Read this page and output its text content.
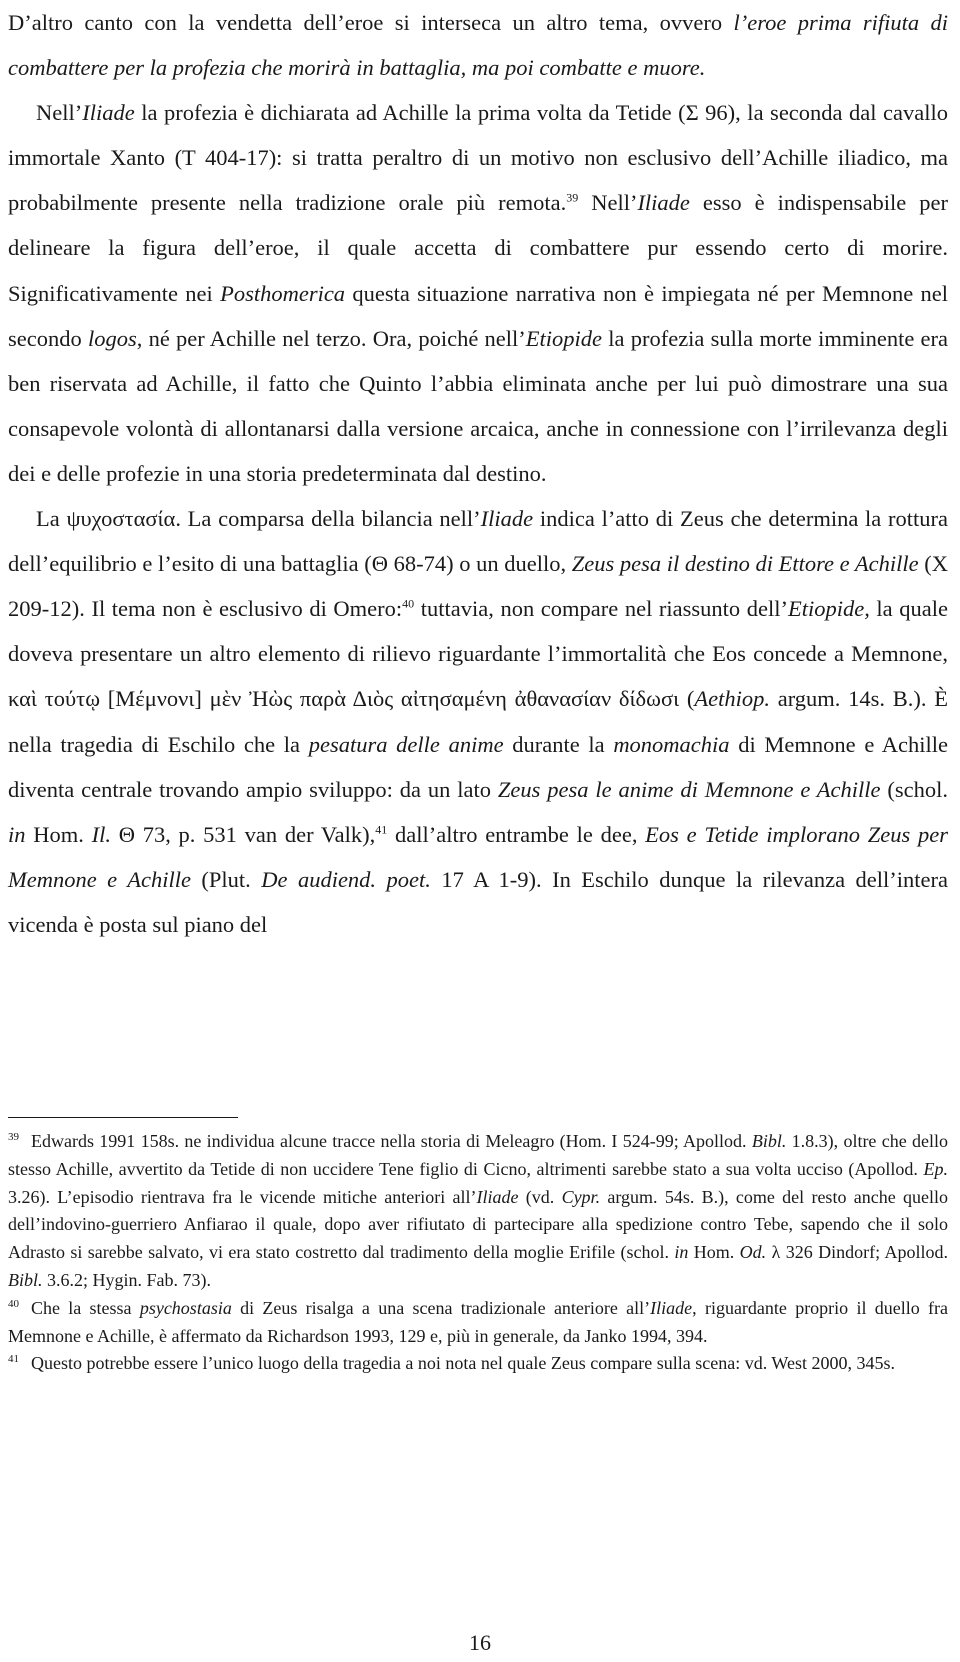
D’altro canto con la vendetta dell’eroe si interseca un altro tema, ovvero l’eroe prima rifiuta di combattere per la profezia che morirà in battaglia, ma poi combatte e muore.

Nell’Iliade la profezia è dichiarata ad Achille la prima volta da Tetide (Σ 96), la seconda dal cavallo immortale Xanto (T 404-17): si tratta peraltro di un motivo non esclusivo dell’Achille iliadico, ma probabilmente presente nella tradizione orale più remota.$^{39}$ Nell’Iliade esso è indispensabile per delineare la figura dell’eroe, il quale accetta di combattere pur essendo certo di morire. Significativamente nei Posthomerica questa situazione narrativa non è impiegata né per Memnone nel secondo logos, né per Achille nel terzo. Ora, poiché nell’Etiopide la profezia sulla morte imminente era ben riservata ad Achille, il fatto che Quinto l’abbia eliminata anche per lui può dimostrare una sua consapevole volontà di allontanarsi dalla versione arcaica, anche in connessione con l’irrilevanza degli dei e delle profezie in una storia predeterminata dal destino.

La ψυχοστασία. La comparsa della bilancia nell’Iliade indica l’atto di Zeus che determina la rottura dell’equilibrio e l’esito di una battaglia (Θ 68-74) o un duello, Zeus pesa il destino di Ettore e Achille (X 209-12). Il tema non è esclusivo di Omero:$^{40}$ tuttavia, non compare nel riassunto dell’Etiopide, la quale doveva presentare un altro elemento di rilievo riguardante l’immortalità che Eos concede a Memnone, καὶ τούτῳ [Μέμνονι] μὲν Ἠὼς παρὰ Διὸς αἰτησαμένη ἀθανασίαν δίδωσι (Aethiop. argum. 14s. B.). È nella tragedia di Eschilo che la pesatura delle anime durante la monomachia di Memnone e Achille diventa centrale trovando ampio sviluppo: da un lato Zeus pesa le anime di Memnone e Achille (schol. in Hom. Il. Θ 73, p. 531 van der Valk),$^{41}$ dall’altro entrambe le dee, Eos e Tetide implorano Zeus per Memnone e Achille (Plut. De audiend. poet. 17 A 1-9). In Eschilo dunque la rilevanza dell’intera vicenda è posta sul piano del

$^{39}$ Edwards 1991 158s. ne individua alcune tracce nella storia di Meleagro (Hom. I 524-99; Apollod. Bibl. 1.8.3), oltre che dello stesso Achille, avvertito da Tetide di non uccidere Tene figlio di Cicno, altrimenti sarebbe stato a sua volta ucciso (Apollod. Ep. 3.26). L’episodio rientrava fra le vicende mitiche anteriori all’Iliade (vd. Cypr. argum. 54s. B.), come del resto anche quello dell’indovino-guerriero Anfiarao il quale, dopo aver rifiutato di partecipare alla spedizione contro Tebe, sapendo che il solo Adrasto si sarebbe salvato, vi era stato costretto dal tradimento della moglie Erifile (schol. in Hom. Od. λ 326 Dindorf; Apollod. Bibl. 3.6.2; Hygin. Fab. 73).

$^{40}$ Che la stessa psychostasia di Zeus risalga a una scena tradizionale anteriore all’Iliade, riguardante proprio il duello fra Memnone e Achille, è affermato da Richardson 1993, 129 e, più in generale, da Janko 1994, 394.

$^{41}$ Questo potrebbe essere l’unico luogo della tragedia a noi nota nel quale Zeus compare sulla scena: vd. West 2000, 345s.

16
